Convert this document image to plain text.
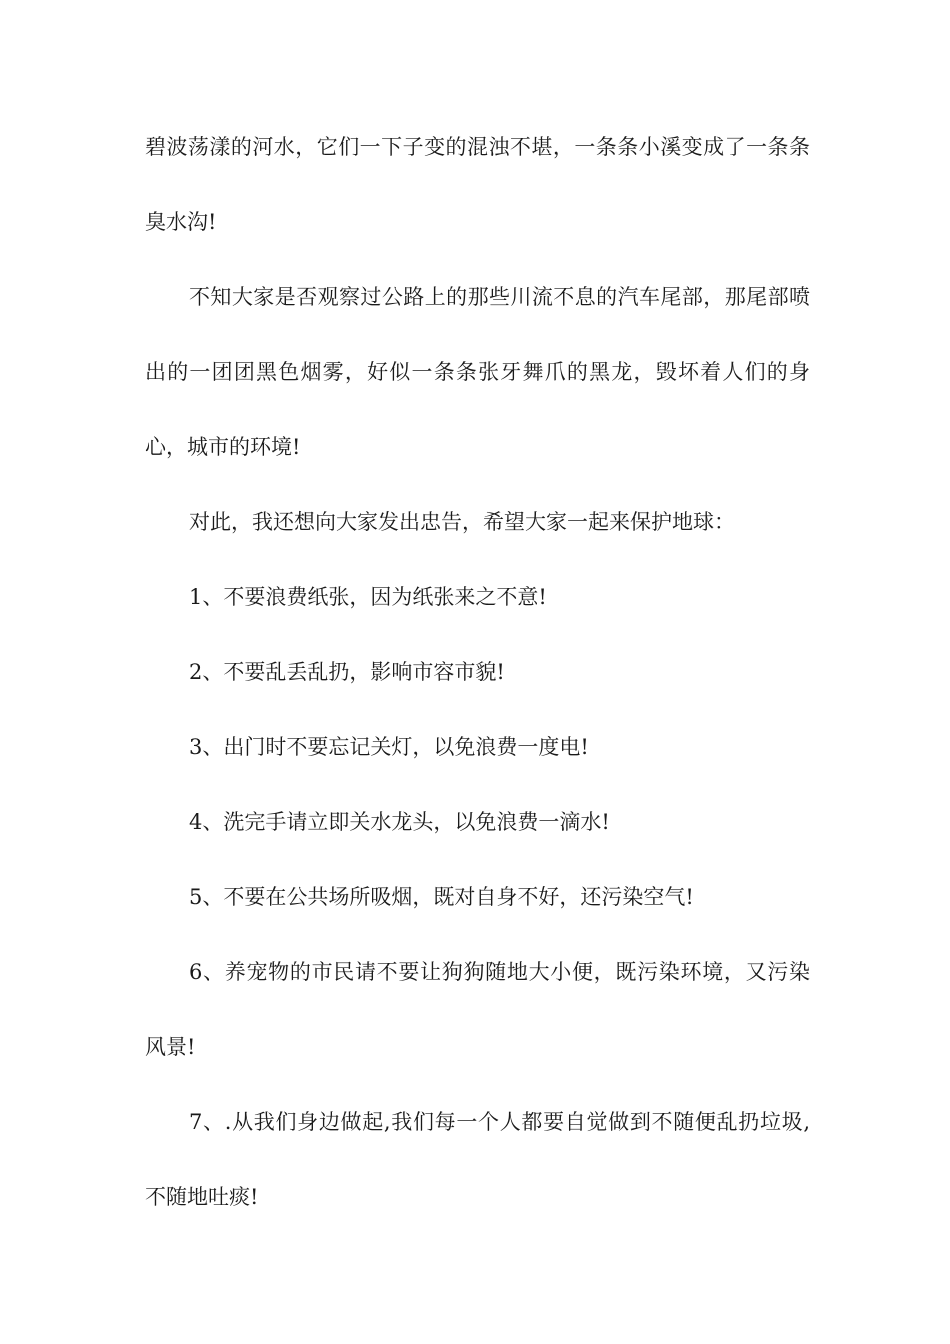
碧波荡漾的河水，它们一下子变的混浊不堪，一条条小溪变成了一条条臭水沟!

不知大家是否观察过公路上的那些川流不息的汽车尾部，那尾部喷出的一团团黑色烟雾，好似一条条张牙舞爪的黑龙，毁坏着人们的身心，城市的环境!

对此，我还想向大家发出忠告，希望大家一起来保护地球：

1、不要浪费纸张，因为纸张来之不意!

2、不要乱丢乱扔，影响市容市貌!

3、出门时不要忘记关灯，以免浪费一度电!

4、洗完手请立即关水龙头，以免浪费一滴水!

5、不要在公共场所吸烟，既对自身不好，还污染空气!

6、养宠物的市民请不要让狗狗随地大小便，既污染环境，又污染风景!

7、.从我们身边做起,我们每一个人都要自觉做到不随便乱扔垃圾,不随地吐痰!
